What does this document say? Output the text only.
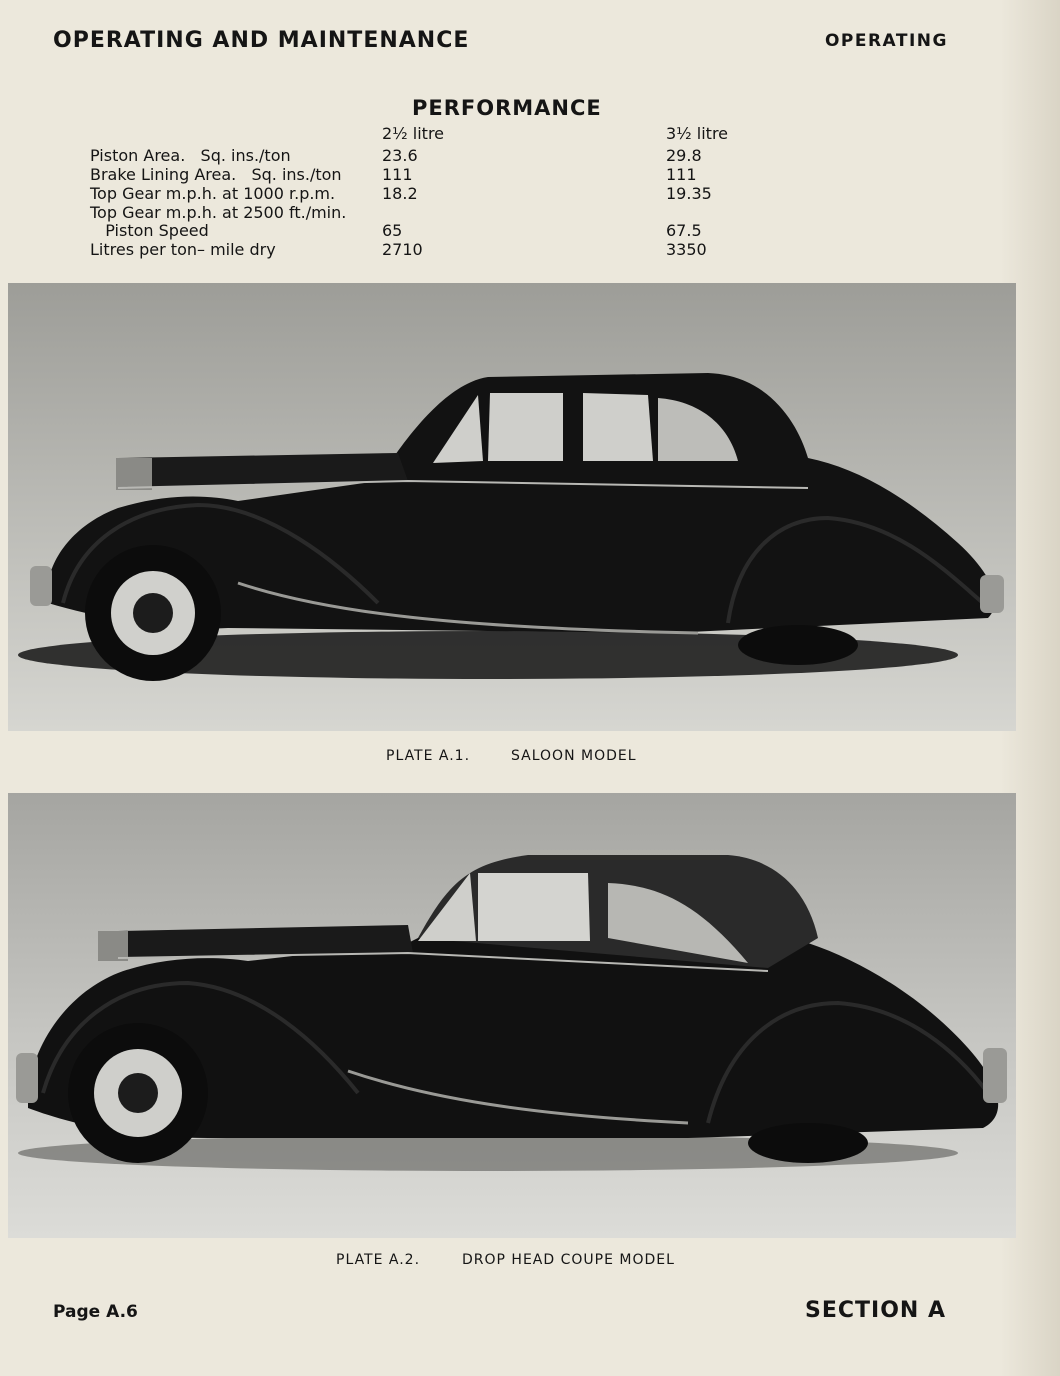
OPERATING AND MAINTENANCE	OPERATING
PERFORMANCE
2½ litre	3½ litre
Piston Area.   Sq. ins./ton	23.6	29.8
Brake Lining Area.   Sq. ins./ton	111	111
Top Gear m.p.h. at 1000 r.p.m.	18.2	19.35
Top Gear m.p.h. at 2500 ft./min.
Piston Speed	65	67.5
Litres per ton– mile dry	2710	3350
PLATE A.1.	SALOON MODEL
PLATE A.2.	DROP HEAD COUPE MODEL
Page A.6	SECTION A
